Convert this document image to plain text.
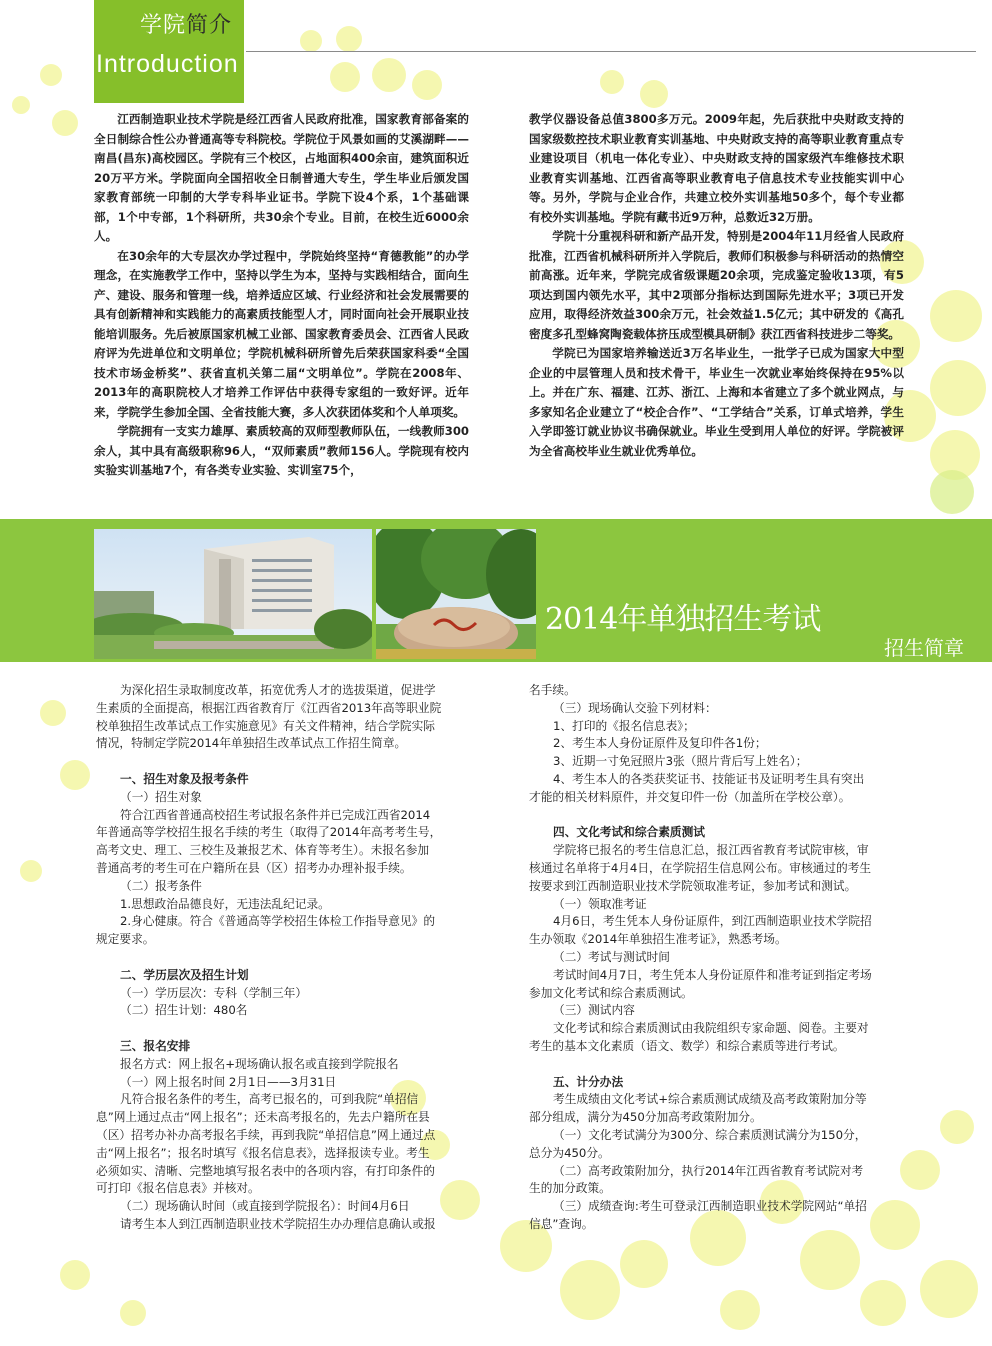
学院简介
Introduction

江西制造职业技术学院是经江西省人民政府批准，国家教育部备案的全日制综合性公办普通高等专科院校。学院位于风景如画的艾溪湖畔——南昌(昌东)高校园区。学院有三个校区，占地面积400余亩，建筑面积近20万平方米。学院面向全国招收全日制普通大专生，学生毕业后颁发国家教育部统一印制的大学专科毕业证书。学院下设4个系，1个基础课部，1个中专部，1个科研所，共30余个专业。目前，在校生近6000余人。

在30余年的大专层次办学过程中，学院始终坚持“育德教能”的办学理念，在实施教学工作中，坚持以学生为本，坚持与实践相结合，面向生产、建设、服务和管理一线，培养适应区域、行业经济和社会发展需要的具有创新精神和实践能力的高素质技能型人才，同时面向社会开展职业技能培训服务。先后被原国家机械工业部、国家教育委员会、江西省人民政府评为先进单位和文明单位；学院机械科研所曾先后荣获国家科委“全国技术市场金桥奖”、获省直机关第二届“文明单位”。学院在2008年、2013年的高职院校人才培养工作评估中获得专家组的一致好评。近年来，学院学生参加全国、全省技能大赛，多人次获团体奖和个人单项奖。

学院拥有一支实力雄厚、素质较高的双师型教师队伍，一线教师300余人，其中具有高级职称96人，“双师素质”教师156人。学院现有校内实验实训基地7个，有各类专业实验、实训室75个，

教学仪器设备总值3800多万元。2009年起，先后获批中央财政支持的国家级数控技术职业教育实训基地、中央财政支持的高等职业教育重点专业建设项目（机电一体化专业）、中央财政支持的国家级汽车维修技术职业教育实训基地、江西省高等职业教育电子信息技术专业技能实训中心等。另外，学院与企业合作，共建立校外实训基地50多个，每个专业都有校外实训基地。学院有藏书近9万种，总数近32万册。

学院十分重视科研和新产品开发，特别是2004年11月经省人民政府批准，江西省机械科研所并入学院后，教师们积极参与科研活动的热情空前高涨。近年来，学院完成省级课题20余项，完成鉴定验收13项，有5项达到国内领先水平，其中2项部分指标达到国际先进水平；3项已开发应用，取得经济效益300余万元，社会效益1.5亿元；其中研发的《高孔密度多孔型蜂窝陶瓷载体挤压成型模具研制》获江西省科技进步二等奖。

学院已为国家培养输送近3万名毕业生，一批学子已成为国家大中型企业的中层管理人员和技术骨干，毕业生一次就业率始终保持在95%以上。并在广东、福建、江苏、浙江、上海和本省建立了多个就业网点，与多家知名企业建立了“校企合作”、“工学结合”关系，订单式培养，学生入学即签订就业协议书确保就业。毕业生受到用人单位的好评。学院被评为全省高校毕业生就业优秀单位。

2014年单独招生考试
招生简章
为深化招生录取制度改革，拓宽优秀人才的选拔渠道，促进学
生素质的全面提高，根据江西省教育厅《江西省2013年高等职业院
校单独招生改革试点工作实施意见》有关文件精神，结合学院实际
情况，特制定学院2014年单独招生改革试点工作招生简章。
一、招生对象及报考条件
（一）招生对象
符合江西省普通高校招生考试报名条件并已完成江西省2014
年普通高等学校招生报名手续的考生（取得了2014年高考考生号，
高考文史、理工、三校生及兼报艺术、体育等考生）。未报名参加
普通高考的考生可在户籍所在县（区）招考办办理补报手续。
（二）报考条件
1.思想政治品德良好，无违法乱纪记录。
2.身心健康。符合《普通高等学校招生体检工作指导意见》的
规定要求。
二、学历层次及招生计划
（一）学历层次：专科（学制三年）
（二）招生计划：480名
三、报名安排
报名方式：网上报名+现场确认报名或直接到学院报名
（一）网上报名时间 2月1日——3月31日
凡符合报名条件的考生，高考已报名的，可到我院“单招信
息”网上通过点击“网上报名”；还未高考报名的，先去户籍所在县
（区）招考办补办高考报名手续，再到我院“单招信息”网上通过点
击“网上报名”；报名时填写《报名信息表》，选择报读专业。考生
必须如实、清晰、完整地填写报名表中的各项内容，有打印条件的
可打印《报名信息表》并核对。
（二）现场确认时间（或直接到学院报名）：时间4月6日
请考生本人到江西制造职业技术学院招生办办理信息确认或报
名手续。
（三）现场确认交验下列材料：
1、打印的《报名信息表》；
2、考生本人身份证原件及复印件各1份；
3、近期一寸免冠照片3张（照片背后写上姓名）；
4、考生本人的各类获奖证书、技能证书及证明考生具有突出
才能的相关材料原件，并交复印件一份（加盖所在学校公章）。
四、文化考试和综合素质测试
学院将已报名的考生信息汇总，报江西省教育考试院审核，审
核通过名单将于4月4日，在学院招生信息网公布。审核通过的考生
按要求到江西制造职业技术学院领取准考证，参加考试和测试。
（一）领取准考证
4月6日，考生凭本人身份证原件，到江西制造职业技术学院招
生办领取《2014年单独招生准考证》，熟悉考场。
（二）考试与测试时间
考试时间4月7日，考生凭本人身份证原件和准考证到指定考场
参加文化考试和综合素质测试。
（三）测试内容
文化考试和综合素质测试由我院组织专家命题、阅卷。主要对
考生的基本文化素质（语文、数学）和综合素质等进行考试。
五、计分办法
考生成绩由文化考试+综合素质测试成绩及高考政策附加分等
部分组成，满分为450分加高考政策附加分。
（一）文化考试满分为300分、综合素质测试满分为150分，
总分为450分。
（二）高考政策附加分，执行2014年江西省教育考试院对考
生的加分政策。
（三）成绩查询:考生可登录江西制造职业技术学院网站“单招
信息”查询。
